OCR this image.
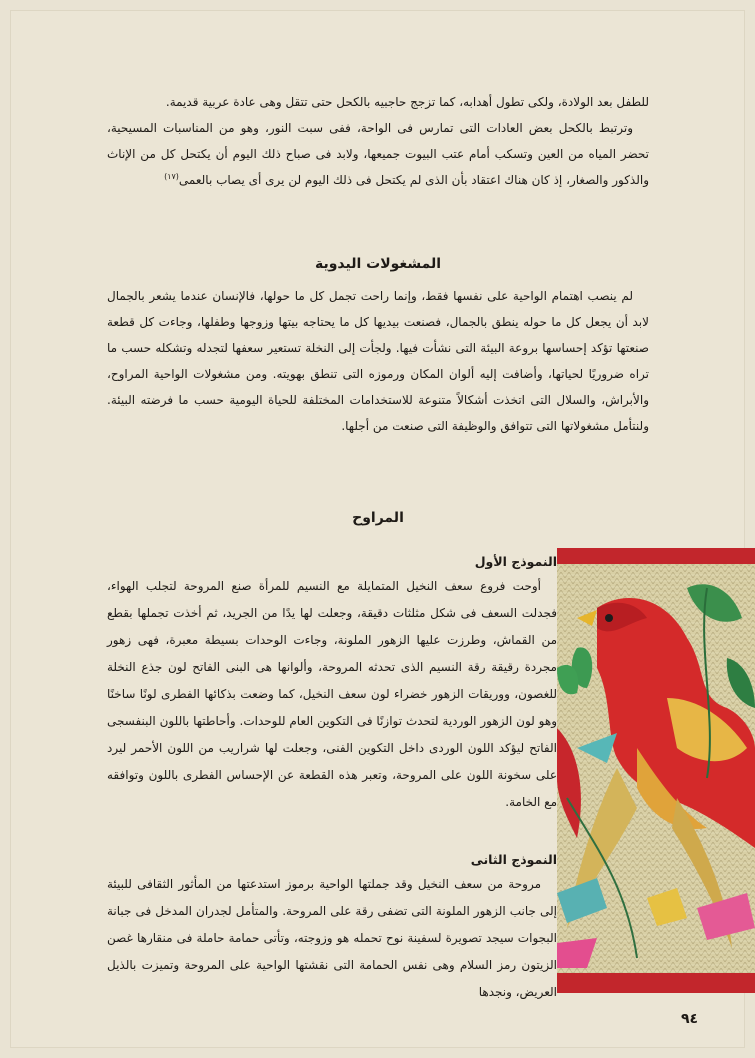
للطفل بعد الولادة، ولكى تطول أهدابه، كما تزجج حاجبيه بالكحل حتى تتقل وهى عادة عربية قديمة.

وترتبط بالكحل بعض العادات التى تمارس فى الواحة، ففى سبت النور، وهو من المناسبات المسيحية، تحضر المياه من العين وتسكب أمام عتب البيوت جميعها، ولابد فى صباح ذلك اليوم أن يكتحل كل من الإناث والذكور والصغار، إذ كان هناك اعتقاد بأن الذى لم يكتحل فى ذلك اليوم لن يرى أى يصاب بالعمى$^{(١٧)}$

المشغولات اليدوية

لم ينصب اهتمام الواحية على نفسها فقط، وإنما راحت تجمل كل ما حولها، فالإنسان عندما يشعر بالجمال لابد أن يجعل كل ما حوله ينطق بالجمال، فصنعت بيديها كل ما يحتاجه بيتها وزوجها وطفلها، وجاءت كل قطعة صنعتها تؤكد إحساسها بروعة البيئة التى نشأت فيها. ولجأت إلى النخلة تستعير سعفها لتجدله وتشكله حسب ما تراه ضروريًا لحياتها، وأضافت إليه ألوان المكان ورموزه التى تنطق بهويته. ومن مشغولات الواحية المراوح، والأبراش، والسلال التى اتخذت أشكالاً متنوعة للاستخدامات المختلفة للحياة اليومية حسب ما فرضته البيئة. ولنتأمل مشغولاتها التى تتوافق والوظيفة التى صنعت من أجلها.

المراوح
النموذج الأول

أوحت فروع سعف النخيل المتمايلة مع النسيم للمرأة صنع المروحة لتجلب الهواء، فجدلت السعف فى شكل مثلثات دقيقة، وجعلت لها يدًا من الجريد، ثم أخذت تجملها بقطع من القماش، وطرزت عليها الزهور الملونة، وجاءت الوحدات بسيطة معبرة، فهى زهور مجردة رقيقة رقة النسيم الذى تحدثه المروحة، وألوانها هى البنى الفاتح لون جذع النخلة للغصون، ووريقات الزهور خضراء لون سعف النخيل، كما وضعت بذكائها الفطرى لونًا ساخنًا وهو لون الزهور الوردية لتحدث توازنًا فى التكوين العام للوحدات. وأحاطتها باللون البنفسجى الفاتح ليؤكد اللون الوردى داخل التكوين الفنى، وجعلت لها شراريب من اللون الأحمر ليرد على سخونة اللون على المروحة، وتعبر هذه القطعة عن الإحساس الفطرى باللون وتوافقه مع الخامة.

النموذج الثانى

مروحة من سعف النخيل وقد جملتها الواحية برموز استدعتها من المأثور الثقافى للبيئة إلى جانب الزهور الملونة التى تضفى رقة على المروحة. والمتأمل لجدران المدخل فى جبانة البجوات سيجد تصويرة لسفينة نوح تحمله هو وزوجته، وتأتى حمامة حاملة فى منقارها غصن الزيتون رمز السلام وهى نفس الحمامة التى نقشتها الواحية على المروحة وتميزت بالذيل العريض، ونجدها

٩٤
